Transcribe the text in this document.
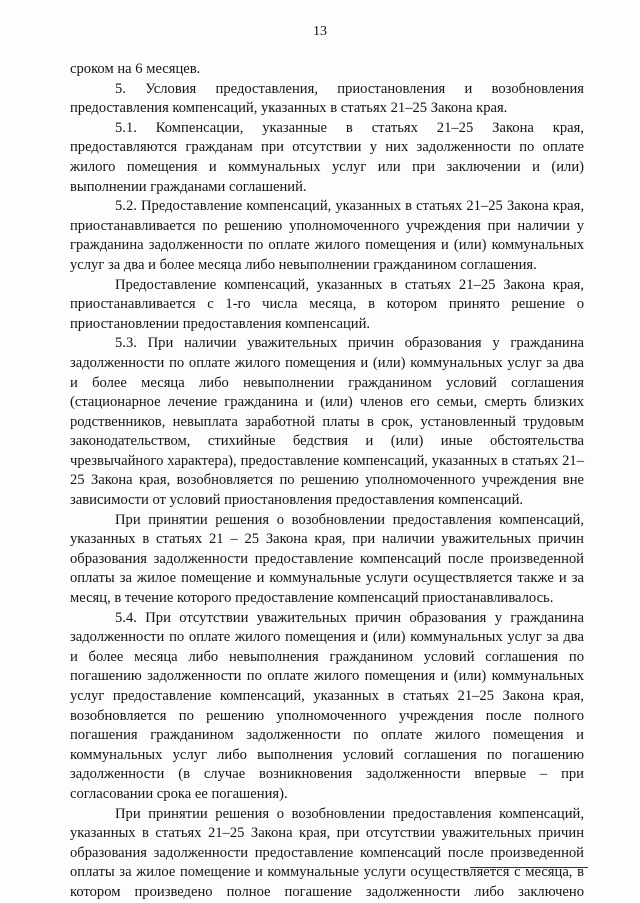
13

сроком на 6 месяцев.

5. Условия предоставления, приостановления и возобновления предоставления компенсаций, указанных в статьях 21–25 Закона края.

5.1. Компенсации, указанные в статьях 21–25 Закона края, предоставляются гражданам при отсутствии у них задолженности по оплате жилого помещения и коммунальных услуг или при заключении и (или) выполнении гражданами соглашений.

5.2. Предоставление компенсаций, указанных в статьях 21–25 Закона края, приостанавливается по решению уполномоченного учреждения при наличии у гражданина задолженности по оплате жилого помещения и (или) коммунальных услуг за два и более месяца либо невыполнении гражданином соглашения.

Предоставление компенсаций, указанных в статьях 21–25 Закона края, приостанавливается с 1-го числа месяца, в котором принято решение о приостановлении предоставления компенсаций.

5.3. При наличии уважительных причин образования у гражданина задолженности по оплате жилого помещения и (или) коммунальных услуг за два и более месяца либо невыполнении гражданином условий соглашения (стационарное лечение гражданина и (или) членов его семьи, смерть близких родственников, невыплата заработной платы в срок, установленный трудовым законодательством, стихийные бедствия и (или) иные обстоятельства чрезвычайного характера), предоставление компенсаций, указанных в статьях 21–25 Закона края, возобновляется по решению уполномоченного учреждения вне зависимости от условий приостановления предоставления компенсаций.

При принятии решения о возобновлении предоставления компенсаций, указанных в статьях 21 – 25 Закона края, при наличии уважительных причин образования задолженности предоставление компенсаций после произведенной оплаты за жилое помещение и коммунальные услуги осуществляется также и за месяц, в течение которого предоставление компенсаций приостанавливалось.

5.4. При отсутствии уважительных причин образования у гражданина задолженности по оплате жилого помещения и (или) коммунальных услуг за два и более месяца либо невыполнения гражданином условий соглашения по погашению задолженности по оплате жилого помещения и (или) коммунальных услуг предоставление компенсаций, указанных в статьях 21–25 Закона края, возобновляется по решению уполномоченного учреждения после полного погашения гражданином задолженности по оплате жилого помещения и коммунальных услуг либо выполнения условий соглашения по погашению задолженности (в случае возникновения задолженности впервые – при согласовании срока ее погашения).

При принятии решения о возобновлении предоставления компенсаций, указанных в статьях 21–25 Закона края, при отсутствии уважительных причин образования задолженности предоставление компенсаций после произведенной оплаты за жилое помещение и коммунальные услуги осуществляется с месяца, в котором произведено полное погашение задолженности либо заключено
